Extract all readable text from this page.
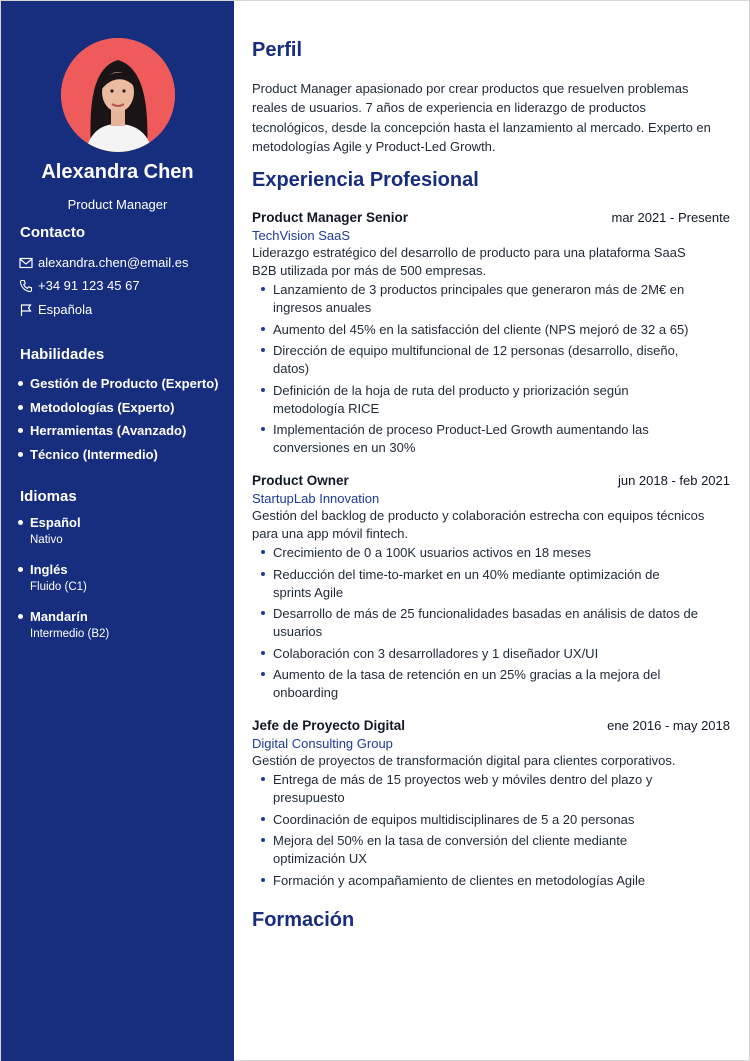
Alexandra Chen
Product Manager
Contacto
alexandra.chen@email.es
+34 91 123 45 67
Española
Habilidades
Gestión de Producto (Experto)
Metodologías (Experto)
Herramientas (Avanzado)
Técnico (Intermedio)
Idiomas
Español
Nativo
Inglés
Fluido (C1)
Mandarín
Intermedio (B2)
Perfil

Product Manager apasionado por crear productos que resuelven problemas reales de usuarios. 7 años de experiencia en liderazgo de productos tecnológicos, desde la concepción hasta el lanzamiento al mercado. Experto en metodologías Agile y Product-Led Growth.

Experiencia Profesional
Product Manager Senior	mar 2021 - Presente
TechVision SaaS
Liderazgo estratégico del desarrollo de producto para una plataforma SaaS B2B utilizada por más de 500 empresas.
Lanzamiento de 3 productos principales que generaron más de 2M€ en ingresos anuales
Aumento del 45% en la satisfacción del cliente (NPS mejoró de 32 a 65)
Dirección de equipo multifuncional de 12 personas (desarrollo, diseño, datos)
Definición de la hoja de ruta del producto y priorización según metodología RICE
Implementación de proceso Product-Led Growth aumentando las conversiones en un 30%
Product Owner	jun 2018 - feb 2021
StartupLab Innovation
Gestión del backlog de producto y colaboración estrecha con equipos técnicos para una app móvil fintech.
Crecimiento de 0 a 100K usuarios activos en 18 meses
Reducción del time-to-market en un 40% mediante optimización de sprints Agile
Desarrollo de más de 25 funcionalidades basadas en análisis de datos de usuarios
Colaboración con 3 desarrolladores y 1 diseñador UX/UI
Aumento de la tasa de retención en un 25% gracias a la mejora del onboarding
Jefe de Proyecto Digital	ene 2016 - may 2018
Digital Consulting Group
Gestión de proyectos de transformación digital para clientes corporativos.
Entrega de más de 15 proyectos web y móviles dentro del plazo y presupuesto
Coordinación de equipos multidisciplinares de 5 a 20 personas
Mejora del 50% en la tasa de conversión del cliente mediante optimización UX
Formación y acompañamiento de clientes en metodologías Agile
Formación
